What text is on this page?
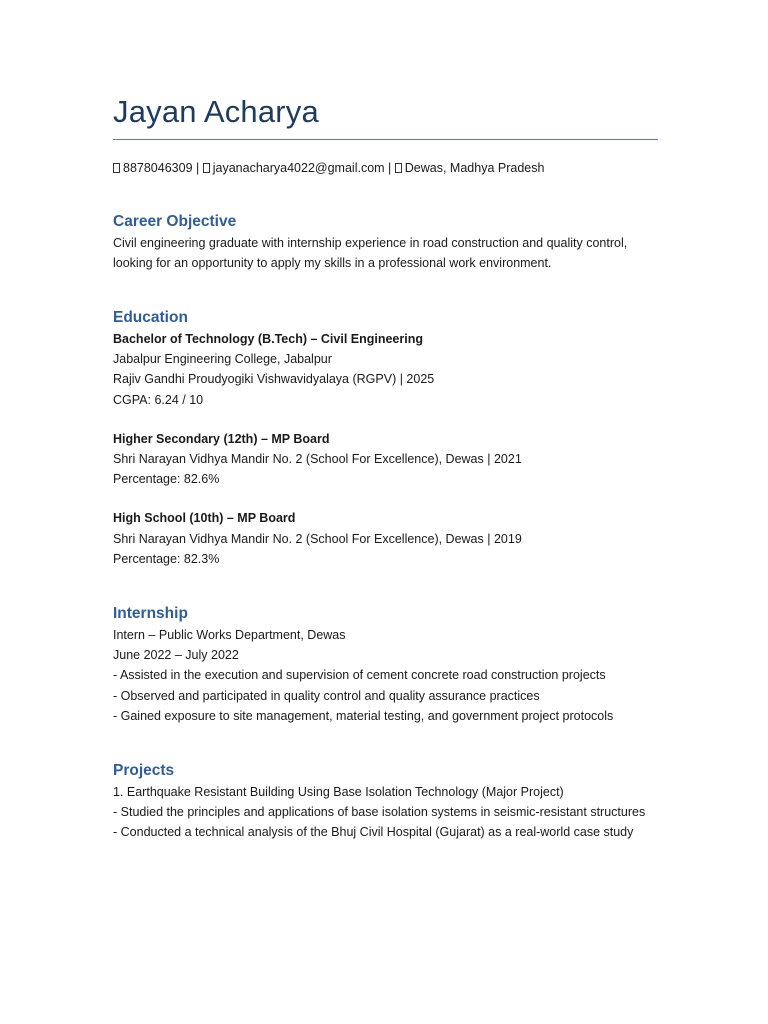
Jayan Acharya
8878046309 | jayanacharya4022@gmail.com | Dewas, Madhya Pradesh
Career Objective
Civil engineering graduate with internship experience in road construction and quality control,
looking for an opportunity to apply my skills in a professional work environment.
Education
Bachelor of Technology (B.Tech) – Civil Engineering
Jabalpur Engineering College, Jabalpur
Rajiv Gandhi Proudyogiki Vishwavidyalaya (RGPV) | 2025
CGPA: 6.24 / 10
Higher Secondary (12th) – MP Board
Shri Narayan Vidhya Mandir No. 2 (School For Excellence), Dewas | 2021
Percentage: 82.6%
High School (10th) – MP Board
Shri Narayan Vidhya Mandir No. 2 (School For Excellence), Dewas | 2019
Percentage: 82.3%
Internship
Intern – Public Works Department, Dewas
June 2022 – July 2022
- Assisted in the execution and supervision of cement concrete road construction projects
- Observed and participated in quality control and quality assurance practices
- Gained exposure to site management, material testing, and government project protocols
Projects
1. Earthquake Resistant Building Using Base Isolation Technology (Major Project)
- Studied the principles and applications of base isolation systems in seismic-resistant structures
- Conducted a technical analysis of the Bhuj Civil Hospital (Gujarat) as a real-world case study
